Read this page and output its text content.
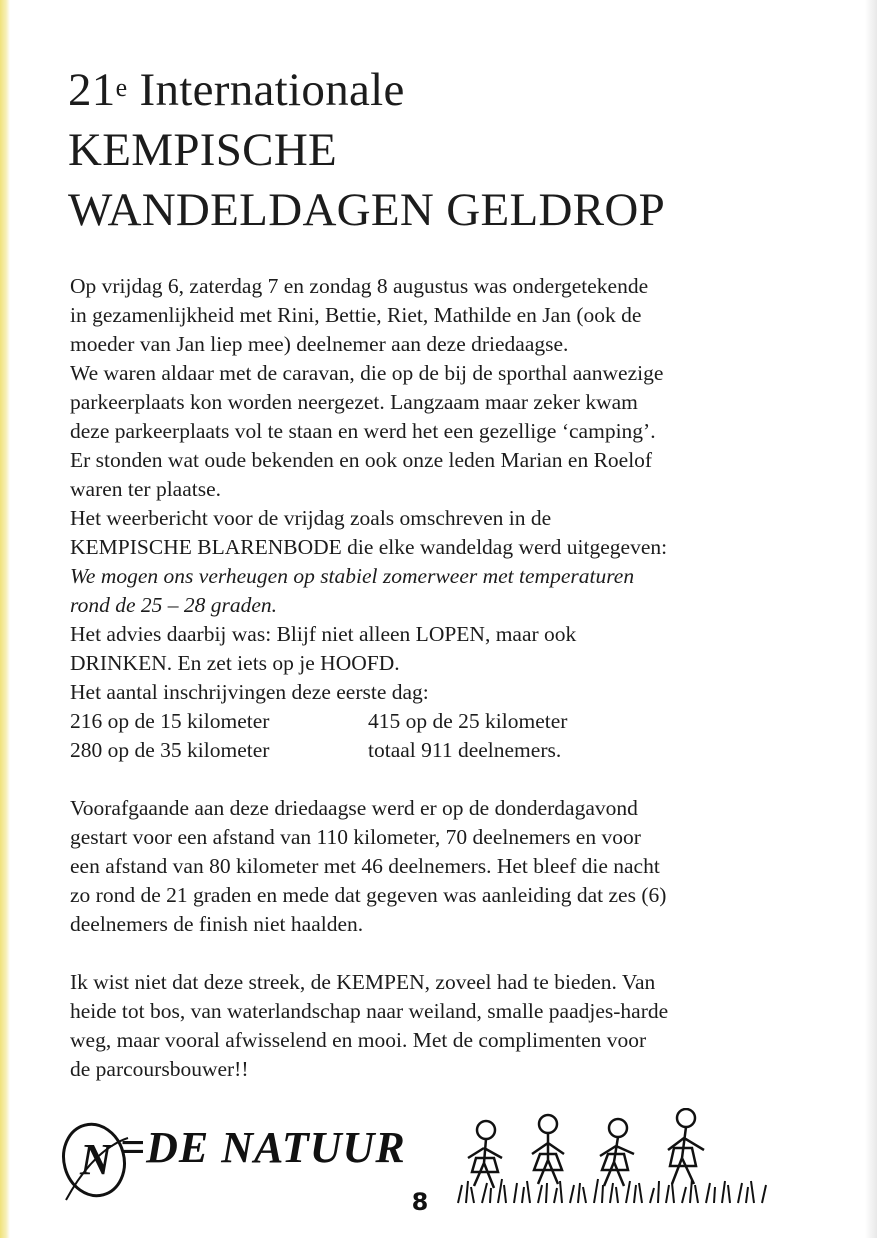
21e Internationale
KEMPISCHE
WANDELDAGEN GELDROP

Op vrijdag 6, zaterdag 7 en zondag 8 augustus was ondergetekende

in gezamenlijkheid met Rini, Bettie, Riet, Mathilde en Jan (ook de

moeder van Jan liep mee) deelnemer aan deze driedaagse.

We waren aldaar met de caravan, die op de bij de sporthal aanwezige

parkeerplaats kon worden neergezet. Langzaam maar zeker kwam

deze parkeerplaats vol te staan en werd het een gezellige ‘camping’.

Er stonden wat oude bekenden en ook onze leden Marian en Roelof

waren ter plaatse.

Het weerbericht voor de vrijdag zoals omschreven in de

KEMPISCHE BLARENBODE die elke wandeldag werd uitgegeven:

We mogen ons verheugen op stabiel zomerweer met temperaturen

rond de 25 – 28 graden.

Het advies daarbij was: Blijf niet alleen LOPEN, maar ook

DRINKEN. En zet iets op je HOOFD.

Het aantal inschrijvingen deze eerste dag:

216 op de 15 kilometer	415 op de 25 kilometer
280 op de 35 kilometer	totaal 911 deelnemers.

Voorafgaande aan deze driedaagse werd er op de donderdagavond

gestart voor een afstand van 110 kilometer, 70 deelnemers en voor

een afstand van 80 kilometer met 46 deelnemers. Het bleef die nacht

zo rond de 21 graden en mede dat gegeven was aanleiding dat zes (6)

deelnemers de finish niet haalden.

Ik wist niet dat deze streek, de KEMPEN, zoveel had te bieden. Van

heide tot bos, van waterlandschap naar weiland, smalle paadjes-harde

weg, maar vooral afwisselend en mooi. Met de complimenten voor

de parcoursbouwer!!

N =DE NATUUR
8
